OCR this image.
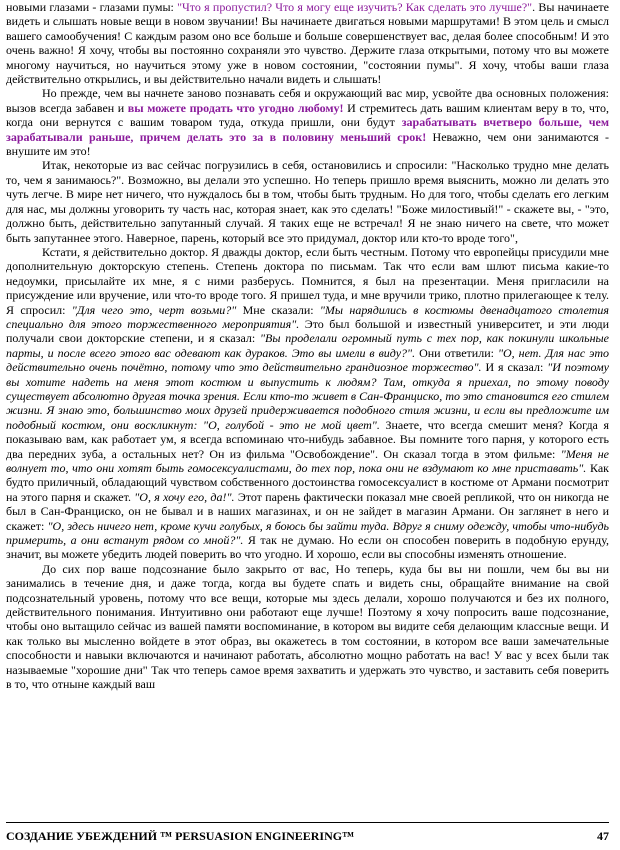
новыми глазами - глазами пумы: "Что я пропустил? Что я могу еще изучить? Как сделать это лучше?". Вы начинаете видеть и слышать новые вещи в новом звучании! Вы начинаете двигаться новыми маршрутами! В этом цель и смысл вашего самообучения! С каждым разом оно все больше и больше совершенствует вас, делая более способным! И это очень важно! Я хочу, чтобы вы постоянно сохраняли это чувство. Держите глаза открытыми, потому что вы можете многому научиться, но научиться этому уже в новом состоянии, "состоянии пумы". Я хочу, чтобы ваши глаза действительно открылись, и вы действительно начали видеть и слышать!

Но прежде, чем вы начнете заново познавать себя и окружающий вас мир, усвойте два основных положения: вызов всегда забавен и вы можете продать что угодно любому! И стремитесь дать вашим клиентам веру в то, что, когда они вернутся с вашим товаром туда, откуда пришли, они будут зарабатывать вчетверо больше, чем зарабатывали раньше, причем делать это за в половину меньший срок! Неважно, чем они занимаются - внушите им это!

Итак, некоторые из вас сейчас погрузились в себя, остановились и спросили: "Насколько трудно мне делать то, чем я занимаюсь?". Возможно, вы делали это успешно. Но теперь пришло время выяснить, можно ли делать это чуть легче. В мире нет ничего, что нуждалось бы в том, чтобы быть трудным. Но для того, чтобы сделать его легким для нас, мы должны уговорить ту часть нас, которая знает, как это сделать! "Боже милостивый!" - скажете вы, - "это, должно быть, действительно запутанный случай. Я таких еще не встречал! Я не знаю ничего на свете, что может быть запутаннее этого. Наверное, парень, который все это придумал, доктор или кто-то вроде того",

Кстати, я действительно доктор. Я дважды доктор, если быть честным. Потому что европейцы присудили мне дополнительную докторскую степень. Степень доктора по письмам. Так что если вам шлют письма какие-то недоумки, присылайте их мне, я с ними разберусь. Помнится, я был на презентации. Меня пригласили на присуждение или вручение, или что-то вроде того. Я пришел туда, и мне вручили трико, плотно прилегающее к телу. Я спросил: "Для чего это, черт возьми?" Мне сказали: "Мы нарядились в костюмы двенадцатого столетия специально для этого торжественного мероприятия". Это был большой и известный университет, и эти люди получали свои докторские степени, и я сказал: "Вы проделали огромный путь с тех пор, как покинули школьные парты, и после всего этого вас одевают как дураков. Это вы имели в виду?". Они ответили: "О, нет. Для нас это действительно очень почётно, потому что это действительно грандиозное торжество". И я сказал: "И поэтому вы хотите надеть на меня этот костюм и выпустить к людям? Там, откуда я приехал, по этому поводу существует абсолютно другая точка зрения. Если кто-то живет в Сан-Франциско, то это становится его стилем жизни. Я знаю это, большинство моих друзей придерживается подобного стиля жизни, и если вы предложите им подобный костюм, они воскликнут: "О, голубой - это не мой цвет". Знаете, что всегда смешит меня? Когда я показываю вам, как работает ум, я всегда вспоминаю что-нибудь забавное. Вы помните того парня, у которого есть два передних зуба, а остальных нет? Он из фильма "Освобождение". Он сказал тогда в этом фильме: "Меня не волнует то, что они хотят быть гомосексуалистами, до тех пор, пока они не вздумают ко мне приставать". Как будто приличный, обладающий чувством собственного достоинства гомосексуалист в костюме от Армани посмотрит на этого парня и скажет. "О, я хочу его, да!". Этот парень фактически показал мне своей репликой, что он никогда не был в Сан-Франциско, он не бывал и в наших магазинах, и он не зайдет в магазин Армани. Он заглянет в него и скажет: "О, здесь ничего нет, кроме кучи голубых, я боюсь бы зайти туда. Вдруг я сниму одежду, чтобы что-нибудь примерить, а они встанут рядом со мной?". Я так не думаю. Но если он способен поверить в подобную ерунду, значит, вы можете убедить людей поверить во что угодно. И хорошо, если вы способны изменять отношение.

До сих пор ваше подсознание было закрыто от вас, Но теперь, куда бы вы ни пошли, чем бы вы ни занимались в течение дня, и даже тогда, когда вы будете спать и видеть сны, обращайте внимание на свой подсознательный уровень, потому что все вещи, которые мы здесь делали, хорошо получаются и без их полного, действительного понимания. Интуитивно они работают еще лучше! Поэтому я хочу попросить ваше подсознание, чтобы оно вытащило сейчас из вашей памяти воспоминание, в котором вы видите себя делающим классные вещи. И как только вы мысленно войдете в этот образ, вы окажетесь в том состоянии, в котором все ваши замечательные способности и навыки включаются и начинают работать, абсолютно мощно работать на вас! У вас у всех были так называемые "хорошие дни" Так что теперь самое время захватить и удержать это чувство, и заставить себя поверить в то, что отныне каждый ваш

СОЗДАНИЕ УБЕЖДЕНИЙ ™ PERSUASION ENGINEERING™	47
